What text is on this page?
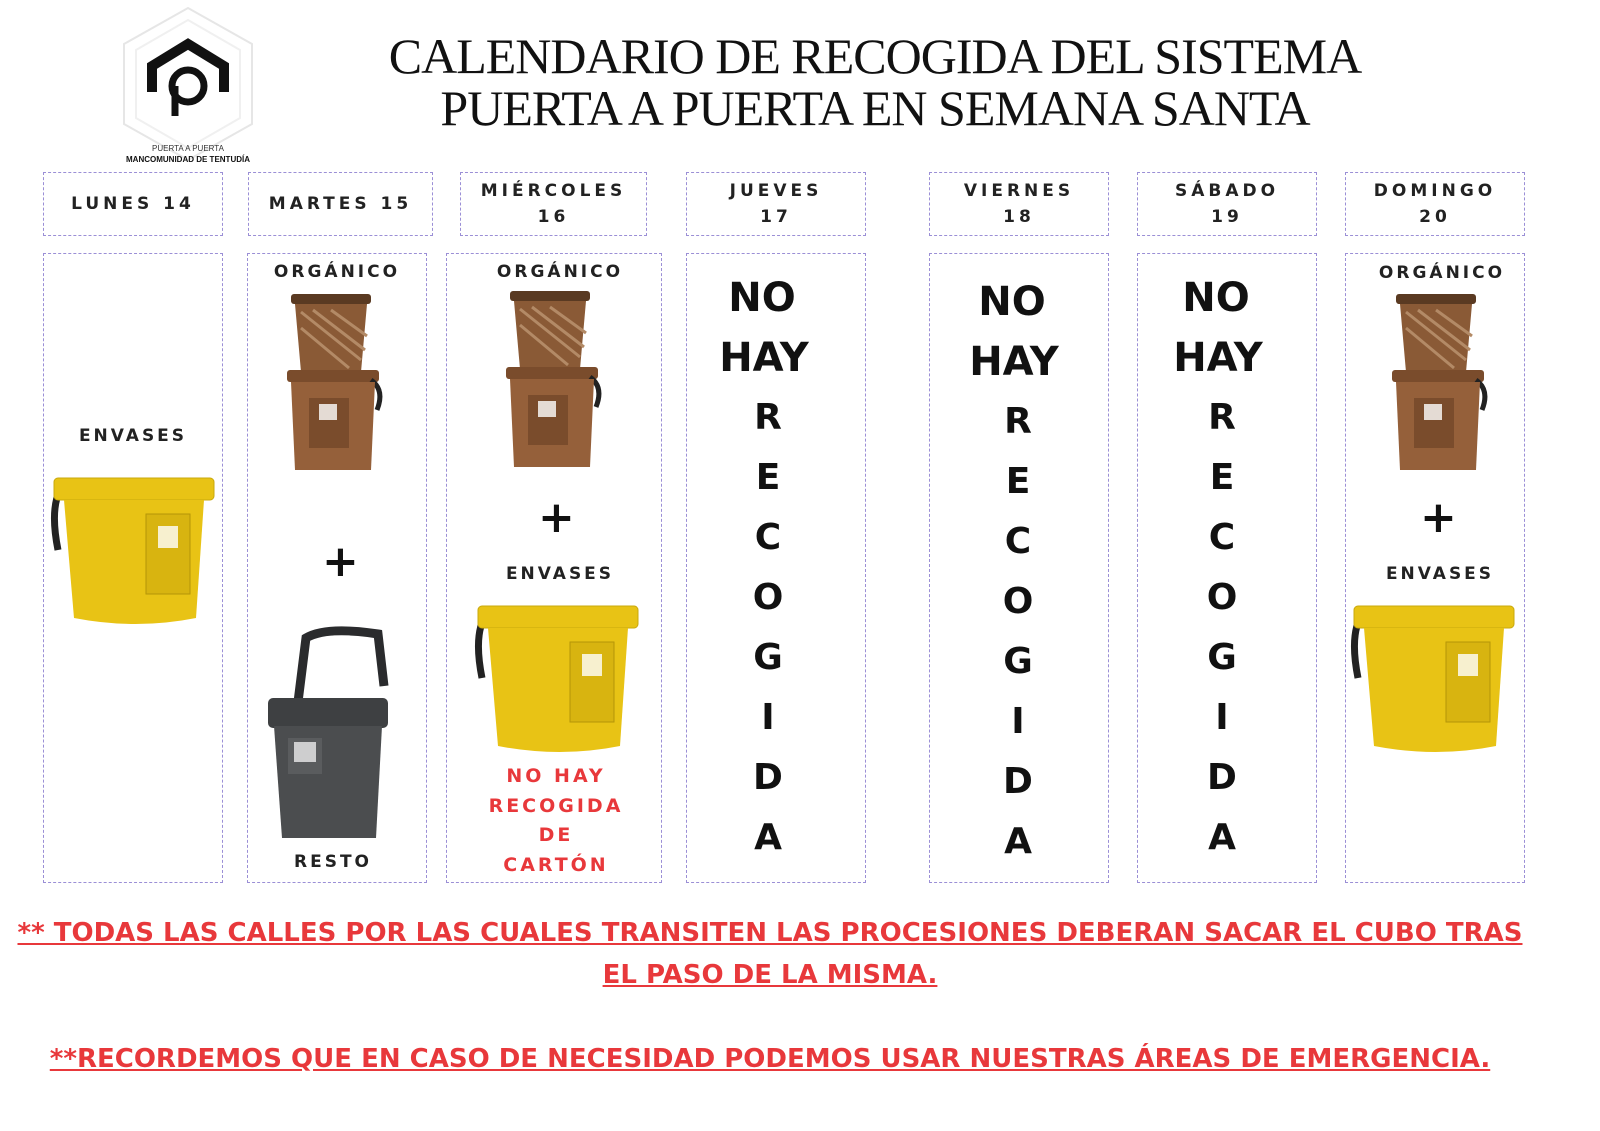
PUERTA A PUERTA
MANCOMUNIDAD DE TENTUDÍA
CALENDARIO DE RECOGIDA DEL SISTEMA
PUERTA A PUERTA EN SEMANA SANTA
LUNES 14	MARTES 15
MIÉRCOLES 16
JUEVES 17
VIERNES 18
SÁBADO 19
DOMINGO 20
ENVASES
ORGÁNICO
+
RESTO
ORGÁNICO
+
ENVASES
NO HAY
RECOGIDA
DE
CARTÓN
NO
HAY
R
E
C
O
G
I
D
A
NO
HAY
R
E
C
O
G
I
D
A
NO
HAY
R
E
C
O
G
I
D
A
ORGÁNICO
+
ENVASES
** TODAS LAS CALLES POR LAS CUALES TRANSITEN LAS PROCESIONES DEBERAN SACAR EL CUBO TRAS
EL PASO DE LA MISMA.
**RECORDEMOS QUE EN CASO DE NECESIDAD PODEMOS USAR NUESTRAS ÁREAS DE EMERGENCIA.
